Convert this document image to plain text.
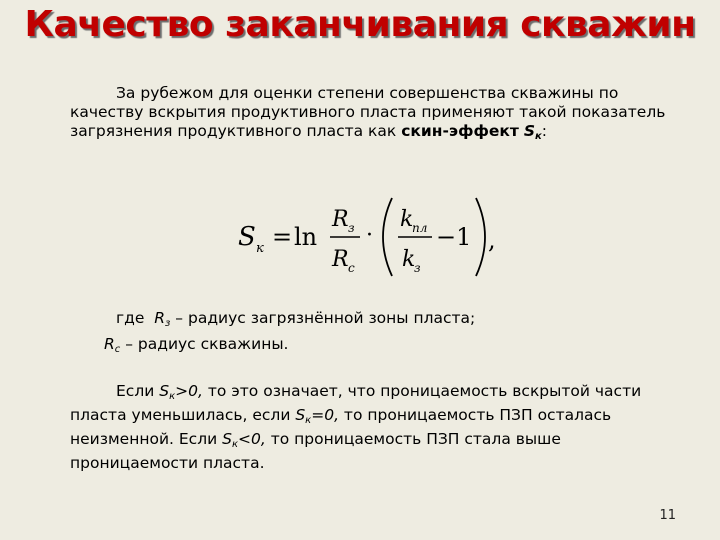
Качество заканчивания скважин
За рубежом для оценки степени совершенства скважины по качеству вскрытия продуктивного пласта применяют такой показатель загрязнения продуктивного пласта как скин-эффект $S_к$:
S к = ln
R з
R с
·
k
пл
k
з
−1 ,
где $R_з$ – радиус загрязнённой зоны пласта;
$R_с$ – радиус скважины.
Если $S_к>0$, то это означает, что проницаемость вскрытой части пласта уменьшилась, если $S_к=0$, то проницаемость ПЗП осталась неизменной. Если $S_к<0$, то проницаемость ПЗП стала выше проницаемости пласта.
11
